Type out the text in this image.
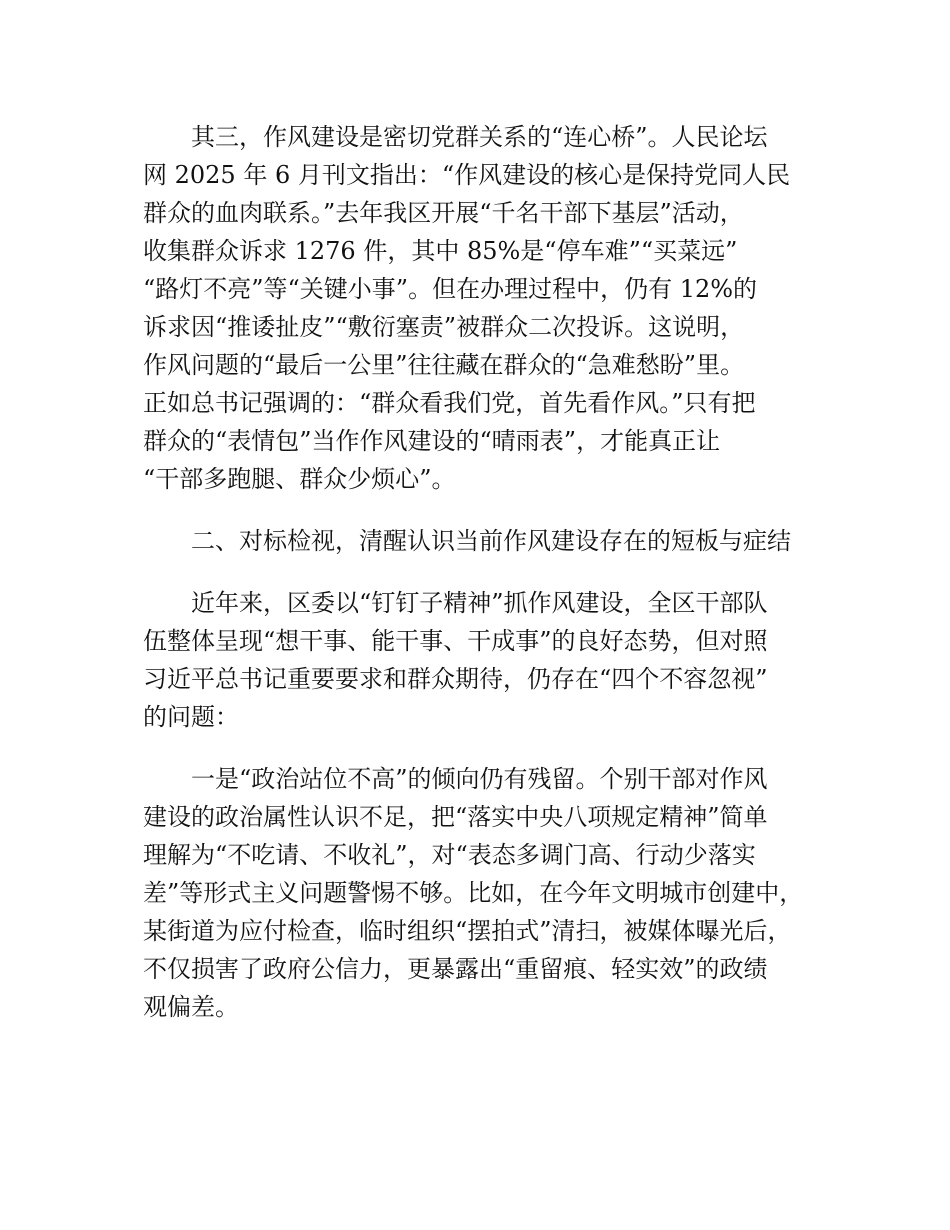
　　其三，作风建设是密切党群关系的“连心桥”。人民论坛
网 2025 年 6 月刊文指出：“作风建设的核心是保持党同人民
群众的血肉联系。”去年我区开展“千名干部下基层”活动，
收集群众诉求 1276 件，其中 85%是“停车难”“买菜远”
“路灯不亮”等“关键小事”。但在办理过程中，仍有 12%的
诉求因“推诿扯皮”“敷衍塞责”被群众二次投诉。这说明，
作风问题的“最后一公里”往往藏在群众的“急难愁盼”里。
正如总书记强调的：“群众看我们党，首先看作风。”只有把
群众的“表情包”当作作风建设的“晴雨表”，才能真正让
“干部多跑腿、群众少烦心”。
　　二、对标检视，清醒认识当前作风建设存在的短板与症结
　　近年来，区委以“钉钉子精神”抓作风建设，全区干部队
伍整体呈现“想干事、能干事、干成事”的良好态势，但对照
习近平总书记重要要求和群众期待，仍存在“四个不容忽视”
的问题：
　　一是“政治站位不高”的倾向仍有残留。个别干部对作风
建设的政治属性认识不足，把“落实中央八项规定精神”简单
理解为“不吃请、不收礼”，对“表态多调门高、行动少落实
差”等形式主义问题警惕不够。比如，在今年文明城市创建中，
某街道为应付检查，临时组织“摆拍式”清扫，被媒体曝光后，
不仅损害了政府公信力，更暴露出“重留痕、轻实效”的政绩
观偏差。
